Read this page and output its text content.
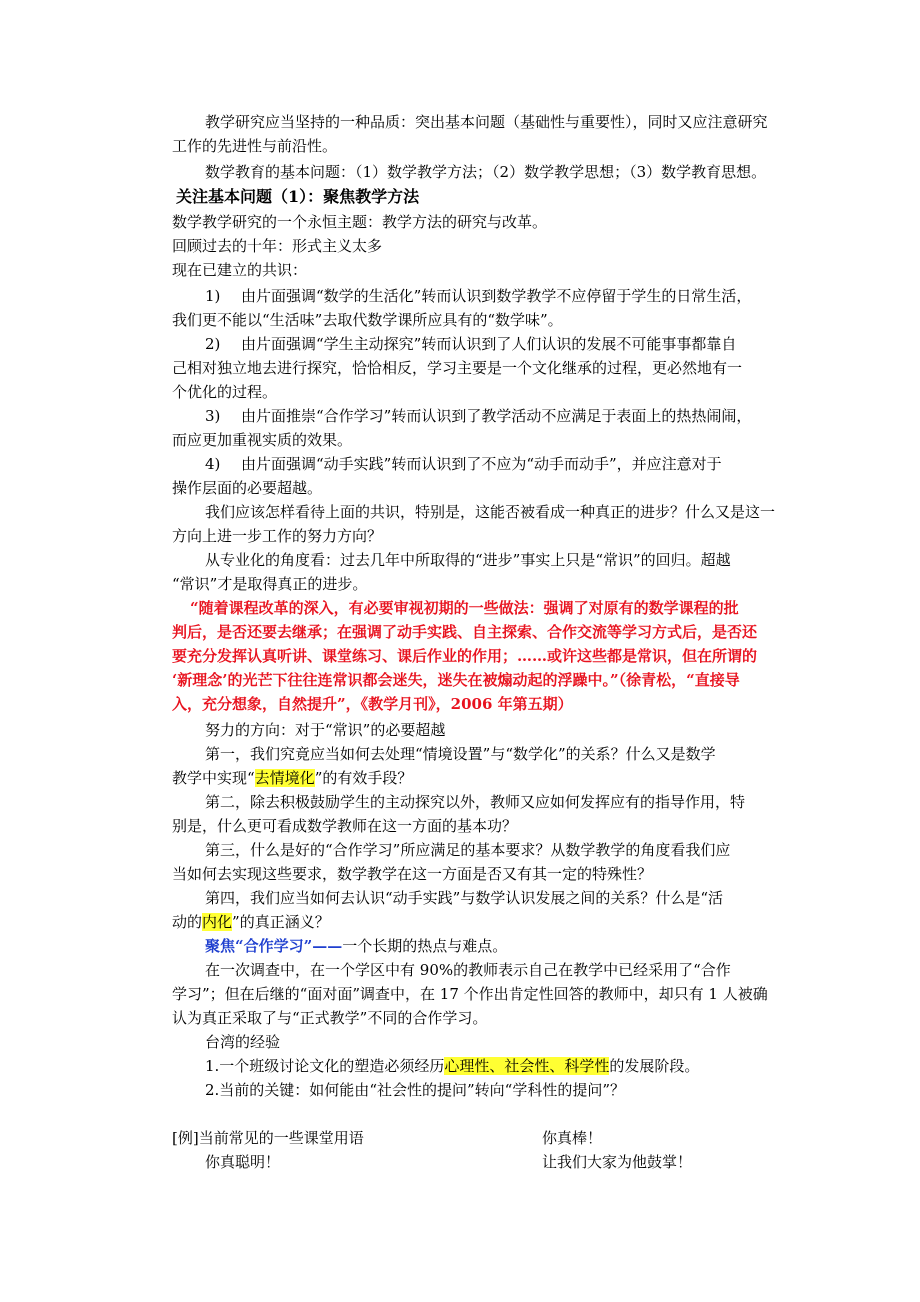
教学研究应当坚持的一种品质：突出基本问题（基础性与重要性），同时又应注意研究
工作的先进性与前沿性。
数学教育的基本问题：（1）数学教学方法；（2）数学教学思想；（3）数学教育思想。
关注基本问题（1）：聚焦教学方法
数学教学研究的一个永恒主题：教学方法的研究与改革。
回顾过去的十年：形式主义太多
现在已建立的共识：
1) 由片面强调“数学的生活化”转而认识到数学教学不应停留于学生的日常生活，
我们更不能以“生活味”去取代数学课所应具有的“数学味”。
2) 由片面强调“学生主动探究”转而认识到了人们认识的发展不可能事事都靠自
己相对独立地去进行探究，恰恰相反，学习主要是一个文化继承的过程，更必然地有一
个优化的过程。
3) 由片面推崇“合作学习”转而认识到了教学活动不应满足于表面上的热热闹闹，
而应更加重视实质的效果。
4) 由片面强调“动手实践”转而认识到了不应为“动手而动手”，并应注意对于
操作层面的必要超越。
我们应该怎样看待上面的共识，特别是，这能否被看成一种真正的进步？什么又是这一
方向上进一步工作的努力方向？
从专业化的角度看：过去几年中所取得的“进步”事实上只是“常识”的回归。超越
“常识”才是取得真正的进步。
“随着课程改革的深入，有必要审视初期的一些做法：强调了对原有的数学课程的批
判后，是否还要去继承；在强调了动手实践、自主探索、合作交流等学习方式后，是否还
要充分发挥认真听讲、课堂练习、课后作业的作用；……或许这些都是常识，但在所谓的
‘新理念’的光芒下往往连常识都会迷失，迷失在被煽动起的浮躁中。”（徐青松，“直接导
入，充分想象，自然提升”，《教学月刊》，2006 年第五期）
努力的方向：对于“常识”的必要超越
第一，我们究竟应当如何去处理“情境设置”与“数学化”的关系？什么又是数学
教学中实现“去情境化”的有效手段？
第二，除去积极鼓励学生的主动探究以外，教师又应如何发挥应有的指导作用，特
别是，什么更可看成数学教师在这一方面的基本功？
第三，什么是好的“合作学习”所应满足的基本要求？从数学教学的角度看我们应
当如何去实现这些要求，数学教学在这一方面是否又有其一定的特殊性？
第四，我们应当如何去认识“动手实践”与数学认识发展之间的关系？什么是“活
动的内化”的真正涵义？
聚焦“合作学习”——一个长期的热点与难点。
在一次调查中，在一个学区中有 90%的教师表示自己在教学中已经采用了“合作
学习”；但在后继的“面对面”调查中，在 17 个作出肯定性回答的教师中，却只有 1 人被确
认为真正采取了与“正式教学”不同的合作学习。
台湾的经验
1.一个班级讨论文化的塑造必须经历心理性、社会性、科学性的发展阶段。
2.当前的关键：如何能由“社会性的提问”转向“学科性的提问”？
[例]当前常见的一些课堂用语	你真棒！
你真聪明！	让我们大家为他鼓掌！
